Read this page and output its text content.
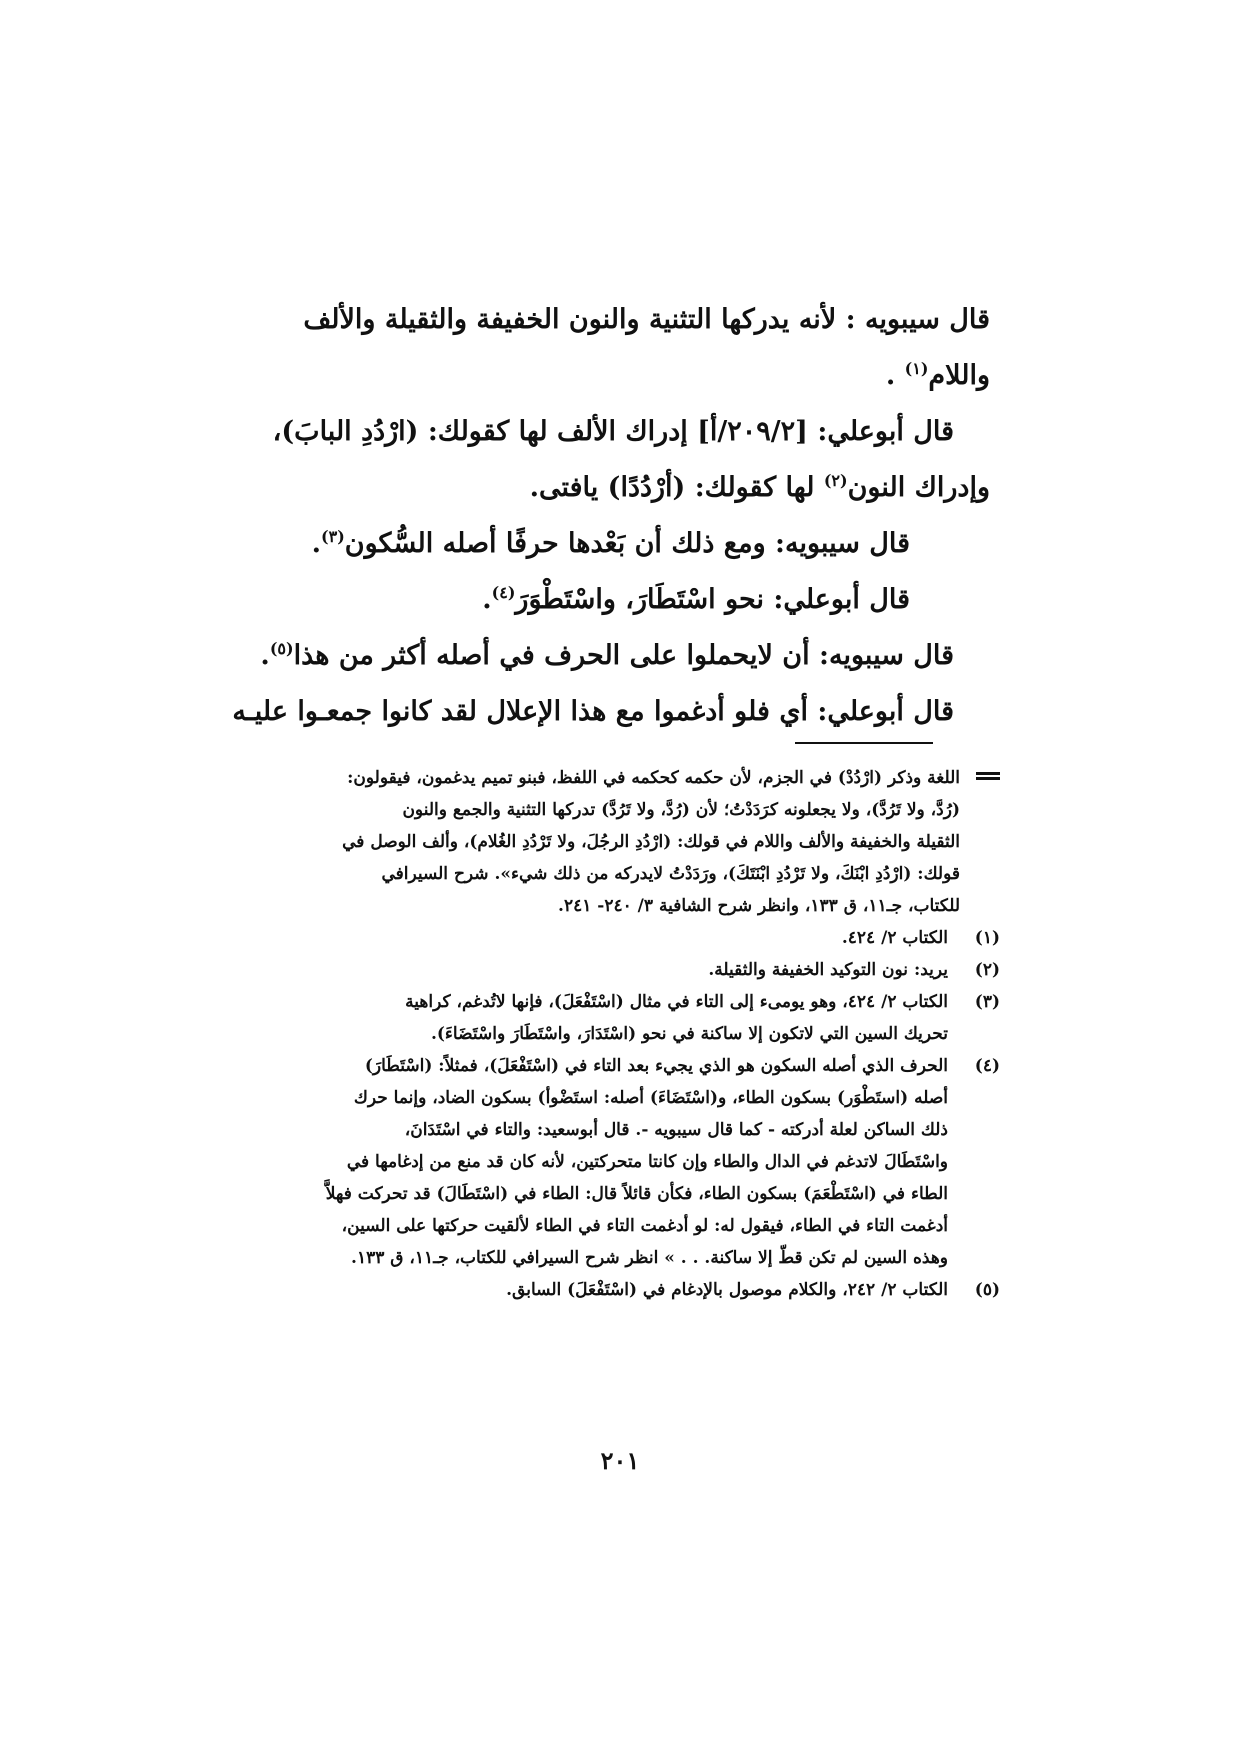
قال سيبويه : لأنه يدركها التثنية والنون الخفيفة والثقيلة والألف
واللام$^{(١)}$ .
قال أبوعلي: [٢٠٩/٢/أ] إدراك الألف لها كقولك: (ارْدُدِ البابَ)،
وإدراك النون$^{(٢)}$ لها كقولك: (أرْدُدًا) يافتى.
قال سيبويه: ومع ذلك أن بَعْدها حرفًا أصله السُّكون$^{(٣)}$.
قال أبوعلي: نحو اسْتَطَارَ، واسْتَطْوَرَ$^{(٤)}$.
قال سيبويه: أن لايحملوا على الحرف في أصله أكثر من هذا$^{(٥)}$.
قال أبوعلي: أي فلو أدغموا مع هذا الإعلال لقد كانوا جمعـوا عليـه
اللغة وذكر (ارْدُدْ) في الجزم، لأن حكمه كحكمه في اللفظ، فبنو تميم يدغمون، فيقولون:
(رُدَّ، ولا تَرُدَّ)، ولا يجعلونه كرَدَدْتُ؛ لأن (رُدَّ، ولا تَرُدَّ) تدركها التثنية والجمع والنون
الثقيلة والخفيفة والألف واللام في قولك: (ارْدُدِ الرجُلَ، ولا تَرْدُدِ الغُلام)، وألف الوصل في
قولك: (ارْدُدِ ابْنَكَ، ولا تَرْدُدِ ابْنَتَكَ)، ورَدَدْتُ لايدركه من ذلك شيء». شرح السيرافي
للكتاب، جـ١١، ق ١٣٣، وانظر شرح الشافية ٣/ ٢٤٠- ٢٤١.
(١)
الكتاب ٢/ ٤٢٤.
(٢)
يريد: نون التوكيد الخفيفة والثقيلة.
(٣)
الكتاب ٢/ ٤٢٤، وهو يومىء إلى التاء في مثال (اسْتَفْعَلَ)، فإنها لاتُدغم، كراهية
تحريك السين التي لاتكون إلا ساكنة في نحو (اسْتَدَارَ، واسْتَطَارَ واسْتَضَاءَ).
(٤)
الحرف الذي أصله السكون هو الذي يجيء بعد التاء في (اسْتَفْعَلَ)، فمثلاً: (اسْتَطَارَ)
أصله (استَطْوَر) بسكون الطاء، و(اسْتَضَاءَ) أصله: استَضْوأ) بسكون الضاد، وإنما حرك
ذلك الساكن لعلة أدركته - كما قال سيبويه -. قال أبوسعيد: والتاء في اسْتَدَانَ،
واسْتَطَالَ لاتدغم في الدال والطاء وإن كانتا متحركتين، لأنه كان قد منع من إدغامها في
الطاء في (اسْتَطْعَمَ) بسكون الطاء، فكأن قائلاً قال: الطاء في (اسْتَطَالَ) قد تحركت فهلاَّ
أدغمت التاء في الطاء، فيقول له: لو أدغمت التاء في الطاء لألقيت حركتها على السين،
وهذه السين لم تكن قطّ إلا ساكنة. . . » انظر شرح السيرافي للكتاب، جـ١١، ق ١٣٣.
(٥)
الكتاب ٢/ ٢٤٢، والكلام موصول بالإدغام في (اسْتَفْعَلَ) السابق.
٢٠١
